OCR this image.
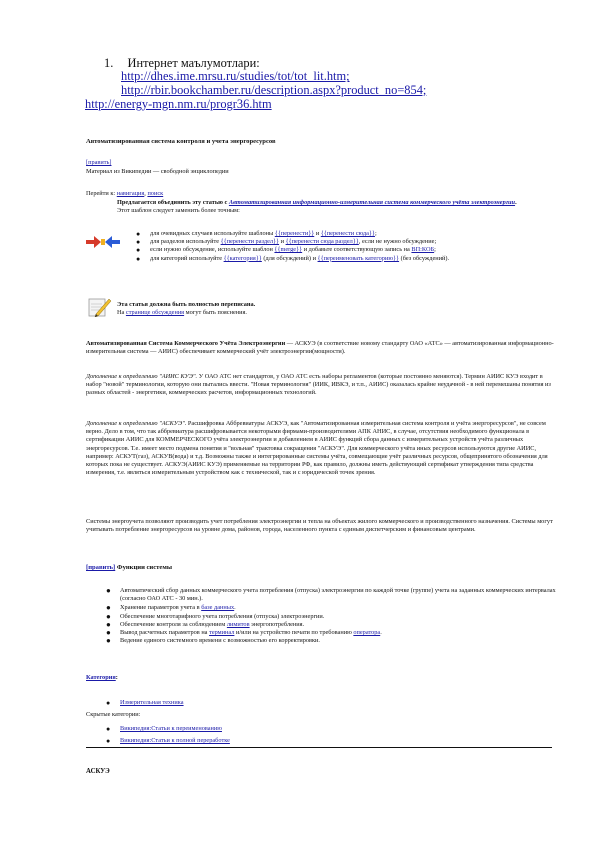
1. Интернет маълумотлари:
http://dhes.ime.mrsu.ru/studies/tot/tot_lit.htm;
http://rbir.bookchamber.ru/description.aspx?product_no=854;
http://energy-mgn.nm.ru/progr36.htm
Автоматизированная система контроля и учета энергоресурсов
[править]
Материал из Википедии — свободной энциклопедии
Перейти к: навигация, поиск
Предлагается объединить эту статью с Автоматизированная информационно-измерительная система коммерческого учёта электроэнергии.
Этот шаблон следует заменить более точным:
● для очевидных случаев используйте шаблоны {{перенести}} и {{перенести сюда}};
● для разделов используйте {{перенести раздел}} и {{перенести сюда раздел}}, если не нужно обсуждение;
● если нужно обсуждение, используйте шаблон {{merge}} и добавьте соответствующую запись на ВП:КОБ;
● для категорий используйте {{категория}} (для обсуждений) и {{переименовать категорию}} (без обсуждений).
Эта статья должна быть полностью переписана.
На странице обсуждения могут быть пояснения.
Автоматизированная Система Коммерческого Учёта Электроэнергии — АСКУЭ (в соответствие новому стандарту ОАО «АТС» — автоматизированная информационно-измерительная система — АИИС) обеспечивает коммерческий учёт электроэнергии(мощности).
Дополнение к определению "АИИС КУЭ". У ОАО АТС нет стандартов, у ОАО АТС есть наборы регламентов (которые постоянно меняются). Термин АИИС КУЭ входит в набор "новой" терминологии, которую они пытались ввести. "Новая терминология" (ИИК, ИВКЭ, и т.п., АИИС) оказалась крайне неудачной - в ней перемешаны понятия из разных областей - энергетики, коммерческих расчетов, информационных технологий.
Дополнение к определению "АСКУЭ". Расшифровка Аббревиатуры АСКУЭ, как "Автоматизированная измерительная система контроля и учёта энергоресурсов", не совсем верно. Дело в том, что так аббревиатура расшифровывается некоторыми фирмами-производителями АПК АНИС, в случае, отсутствия необходимого функционала в сертификации АИИС для КОММЕРЧЕСКОГО учёта электроэнергии и добавлением в АИИС функций сбора данных с измерительных устройств учёта различных энергоресурсов. Т.е. имеет место подмена понятия и "вольная" трактовка сокращения "АСКУЭ". Для коммерческого учёта иных ресурсов используются другие АИИС, например: АСКУТ(газ), АСКУВ(вода) и т.д. Возможны также и интегрированные системы учёта, совмещающие учёт различных ресурсов, общепринятого обозначения для которых пока не существует. АСКУЭ(АИИС КУЭ) применяемые на территории РФ, как правило, должны иметь действующий сертификат утверждения типа средства измерения, т.е. являться измерительным устройством как с технической, так и с юридической точек зрения.
Системы энергоучета позволяют производить учет потребления электроэнергии и тепла на объектах жилого коммерческого и производственного назначения. Системы могут учитывать потребление энергоресурсов на уровне дома, районов, города, населенного пункта с единым диспетчерским и финансовым центрами.
[править] Функции системы
● Автоматический сбор данных коммерческого учета потребления (отпуска) электроэнергии по каждой точке (группе) учета на заданных коммерческих интервалах (согласно ОАО АТС - 30 мин.).
● Хранение параметров учета в базе данных.
● Обеспечение многотарифного учета потребления (отпуска) электроэнергии.
● Обеспечение контроля за соблюдением лимитов энергопотребления.
● Вывод расчетных параметров на терминал и/или на устройство печати по требованию оператора.
● Ведение единого системного времени с возможностью его корректировки.
Категория:
● Измерительная техника
Скрытые категории:
● Википедия:Статьи к переименованию
● Википедия:Статьи к полной переработке
АСКУЭ
